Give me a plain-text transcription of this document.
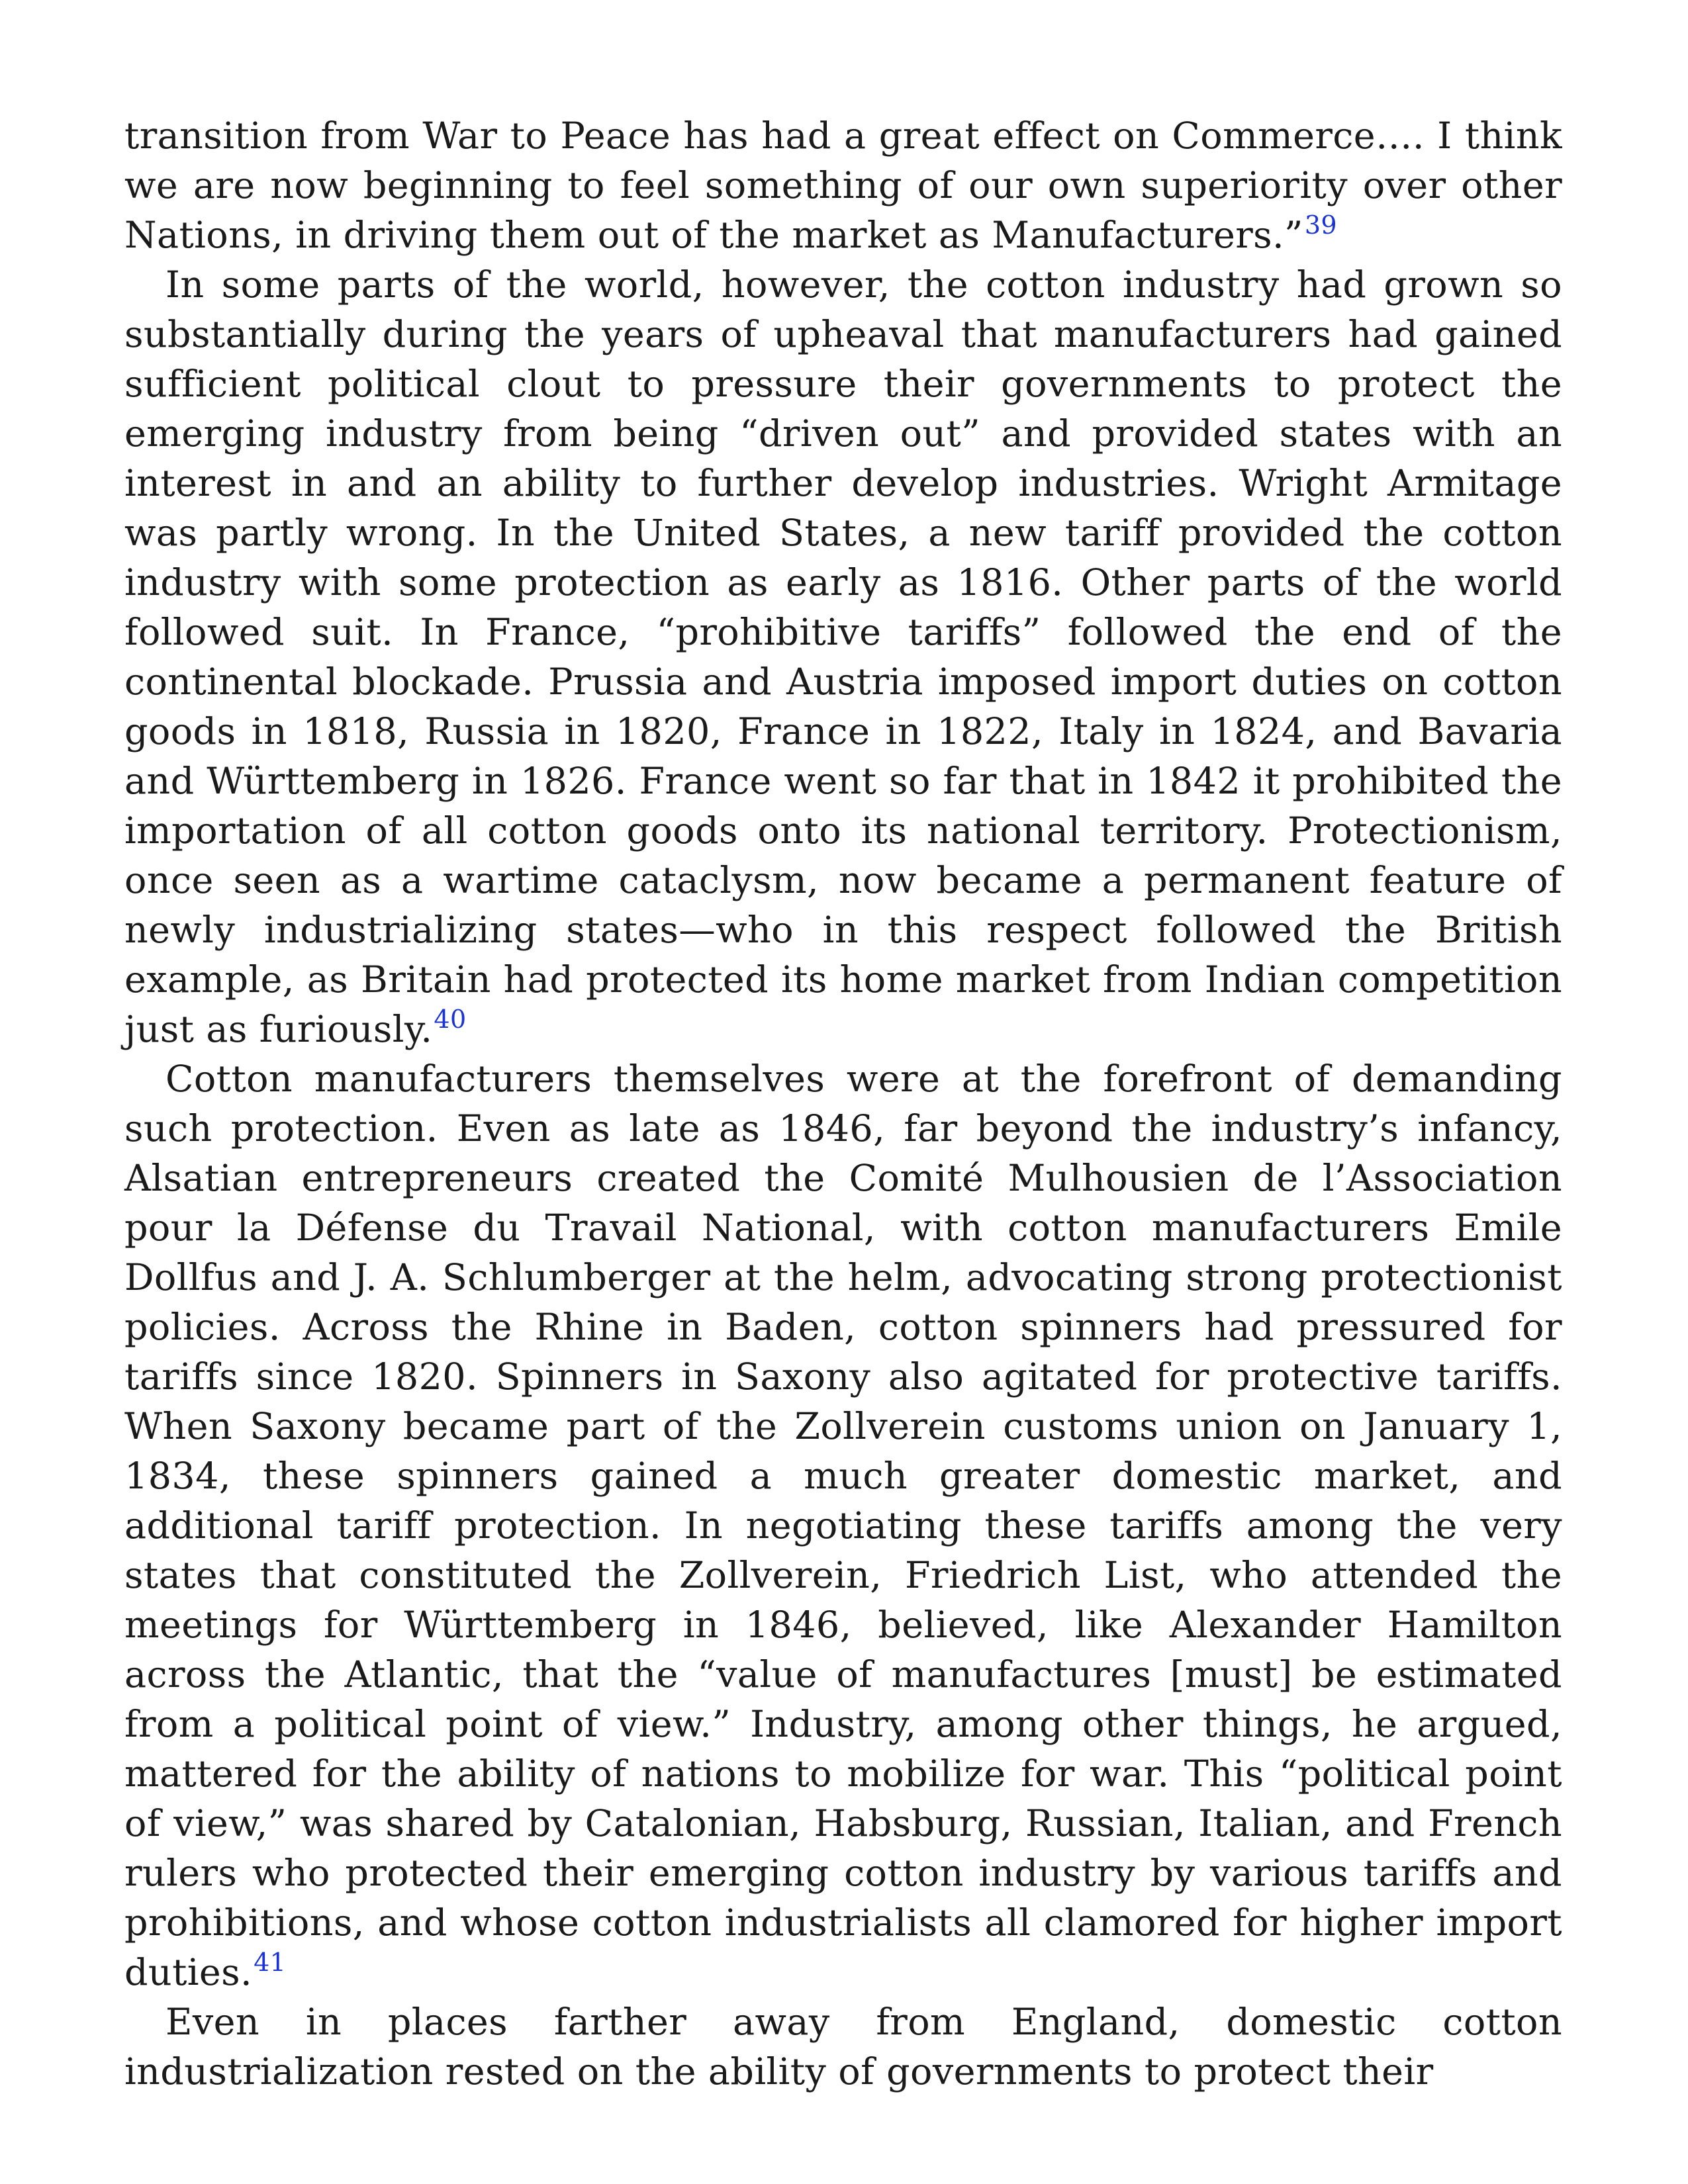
transition from War to Peace has had a great effect on Commerce…. I think we are now beginning to feel something of our own superiority over other Nations, in driving them out of the market as Manufacturers.”$^{39}$

In some parts of the world, however, the cotton industry had grown so substantially during the years of upheaval that manufacturers had gained sufficient political clout to pressure their governments to protect the emerging industry from being “driven out” and provided states with an interest in and an ability to further develop industries. Wright Armitage was partly wrong. In the United States, a new tariff provided the cotton industry with some protection as early as 1816. Other parts of the world followed suit. In France, “prohibitive tariffs” followed the end of the continental blockade. Prussia and Austria imposed import duties on cotton goods in 1818, Russia in 1820, France in 1822, Italy in 1824, and Bavaria and Württemberg in 1826. France went so far that in 1842 it prohibited the importation of all cotton goods onto its national territory. Protectionism, once seen as a wartime cataclysm, now became a permanent feature of newly industrializing states—who in this respect followed the British example, as Britain had protected its home market from Indian competition just as furiously.$^{40}$

Cotton manufacturers themselves were at the forefront of demanding such protection. Even as late as 1846, far beyond the industry’s infancy, Alsatian entrepreneurs created the Comité Mulhousien de l’Association pour la Défense du Travail National, with cotton manufacturers Emile Dollfus and J. A. Schlumberger at the helm, advocating strong protectionist policies. Across the Rhine in Baden, cotton spinners had pressured for tariffs since 1820. Spinners in Saxony also agitated for protective tariffs. When Saxony became part of the Zollverein customs union on January 1, 1834, these spinners gained a much greater domestic market, and additional tariff protection. In negotiating these tariffs among the very states that constituted the Zollverein, Friedrich List, who attended the meetings for Württemberg in 1846, believed, like Alexander Hamilton across the Atlantic, that the “value of manufactures [must] be estimated from a political point of view.” Industry, among other things, he argued, mattered for the ability of nations to mobilize for war. This “political point of view,” was shared by Catalonian, Habsburg, Russian, Italian, and French rulers who protected their emerging cotton industry by various tariffs and prohibitions, and whose cotton industrialists all clamored for higher import duties.$^{41}$

Even in places farther away from England, domestic cotton industrialization rested on the ability of governments to protect their
